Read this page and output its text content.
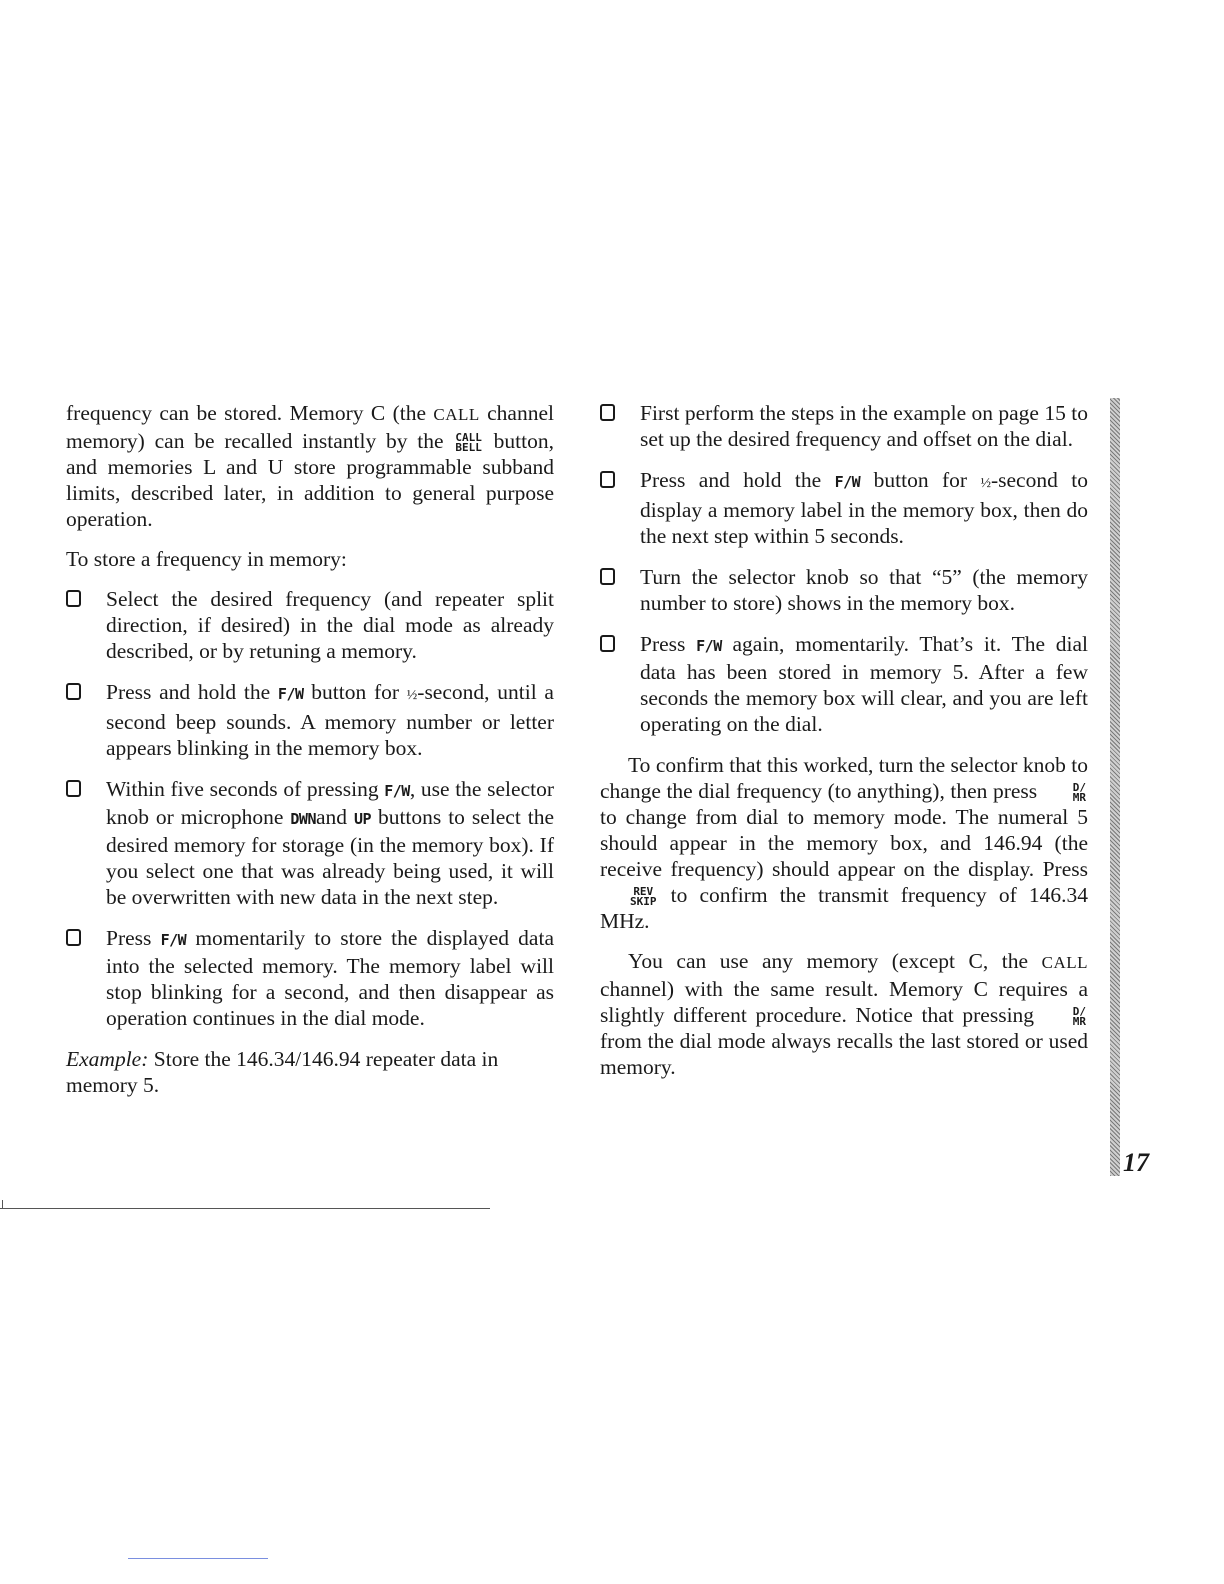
frequency can be stored. Memory C (the CALL channel memory) can be recalled instantly by the CALL
BELL button, and memories L and U store programmable subband limits, described later, in addition to general purpose operation.

To store a frequency in memory:

Select the desired frequency (and repeater split direction, if desired) in the dial mode as already described, or by retuning a memory.
Press and hold the F/W button for ½-second, until a second beep sounds. A memory number or letter appears blinking in the memory box.
Within five seconds of pressing F/W, use the selector knob or microphone DWNand UP buttons to select the desired memory for storage (in the memory box). If you select one that was already being used, it will be overwritten with new data in the next step.
Press F/W momentarily to store the displayed data into the selected memory. The memory label will stop blinking for a second, and then disappear as operation continues in the dial mode.

Example: Store the 146.34/146.94 repeater data in memory 5.

First perform the steps in the example on page 15 to set up the desired frequency and offset on the dial.
Press and hold the F/W button for ½-second to display a memory label in the memory box, then do the next step within 5 seconds.
Turn the selector knob so that “5” (the memory number to store) shows in the memory box.
Press F/W again, momentarily. That’s it. The dial data has been stored in memory 5. After a few seconds the memory box will clear, and you are left operating on the dial.

To confirm that this worked, turn the selector knob to change the dial frequency (to anything), then press	D/
MR
to change from dial to memory mode. The numeral 5 should appear in the memory box, and 146.94 (the receive frequency) should appear on the display. Press
REV
SKIP to confirm the transmit frequency of 146.34 MHz.

You can use any memory (except C, the CALL channel) with the same result. Memory C requires a slightly different procedure. Notice that pressing	D/
MR
from the dial mode always recalls the last stored or used memory.

17
